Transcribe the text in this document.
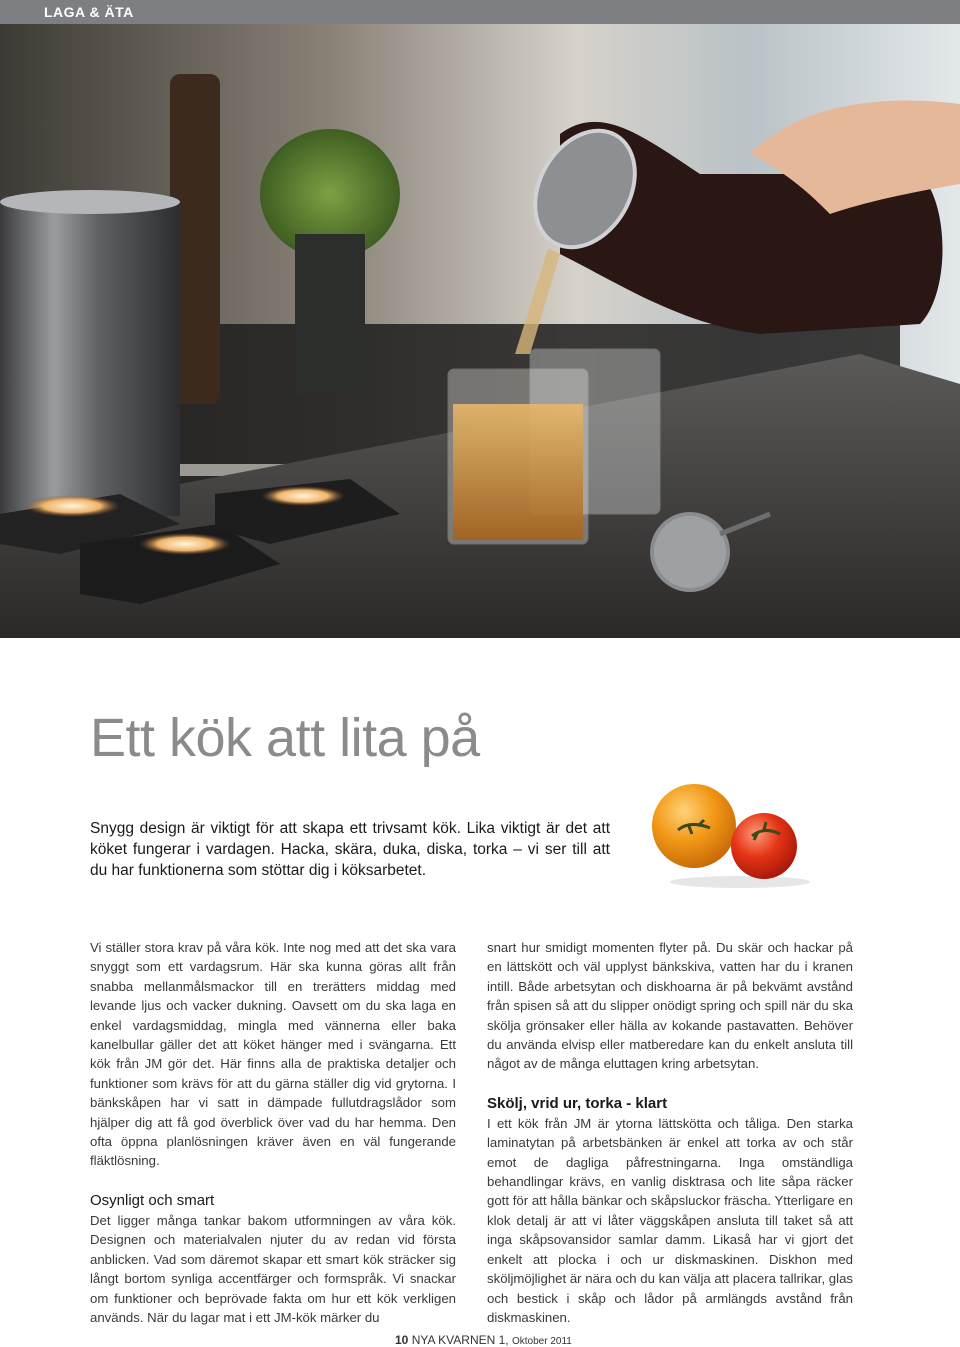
LAGA & ÄTA
Ett kök att lita på

Snygg design är viktigt för att skapa ett trivsamt kök. Lika viktigt är det att köket fungerar i vardagen. Hacka, skära, duka, diska, torka – vi ser till att du har funktionerna som stöttar dig i köksarbetet.

Vi ställer stora krav på våra kök. Inte nog med att det ska vara snyggt som ett vardagsrum. Här ska kunna göras allt från snabba mellanmålsmackor till en trerätters middag med levande ljus och vacker dukning. Oavsett om du ska laga en enkel vardagsmiddag, mingla med vännerna eller baka kanelbullar gäller det att köket hänger med i svängarna. Ett kök från JM gör det. Här finns alla de praktiska detaljer och funktioner som krävs för att du gärna ställer dig vid grytorna. I bänkskåpen har vi satt in dämpade fullutdragslådor som hjälper dig att få god överblick över vad du har hemma. Den ofta öppna planlösningen kräver även en väl fungerande fläktlösning.

Osynligt och smart

Det ligger många tankar bakom utformningen av våra kök. Designen och materialvalen njuter du av redan vid första anblicken. Vad som däremot skapar ett smart kök sträcker sig långt bortom synliga accentfärger och formspråk. Vi snackar om funktioner och beprövade fakta om hur ett kök verkligen används. När du lagar mat i ett JM-kök märker du

snart hur smidigt momenten flyter på. Du skär och hackar på en lättskött och väl upplyst bänkskiva, vatten har du i kranen intill. Både arbetsytan och diskhoarna är på bekvämt avstånd från spisen så att du slipper onödigt spring och spill när du ska skölja grönsaker eller hälla av kokande pastavatten. Behöver du använda elvisp eller matberedare kan du enkelt ansluta till något av de många eluttagen kring arbetsytan.

Skölj, vrid ur, torka - klart

I ett kök från JM är ytorna lättskötta och tåliga. Den starka laminatytan på arbetsbänken är enkel att torka av och står emot de dagliga påfrestningarna. Inga omständliga behandlingar krävs, en vanlig disktrasa och lite såpa räcker gott för att hålla bänkar och skåpsluckor fräscha. Ytterligare en klok detalj är att vi låter väggskåpen ansluta till taket så att inga skåpsovansidor samlar damm. Likaså har vi gjort det enkelt att plocka i och ur diskmaskinen. Diskhon med sköljmöjlighet är nära och du kan välja att placera tallrikar, glas och bestick i skåp och lådor på armlängds avstånd från diskmaskinen.

10 NYA KVARNEN 1, Oktober 2011
